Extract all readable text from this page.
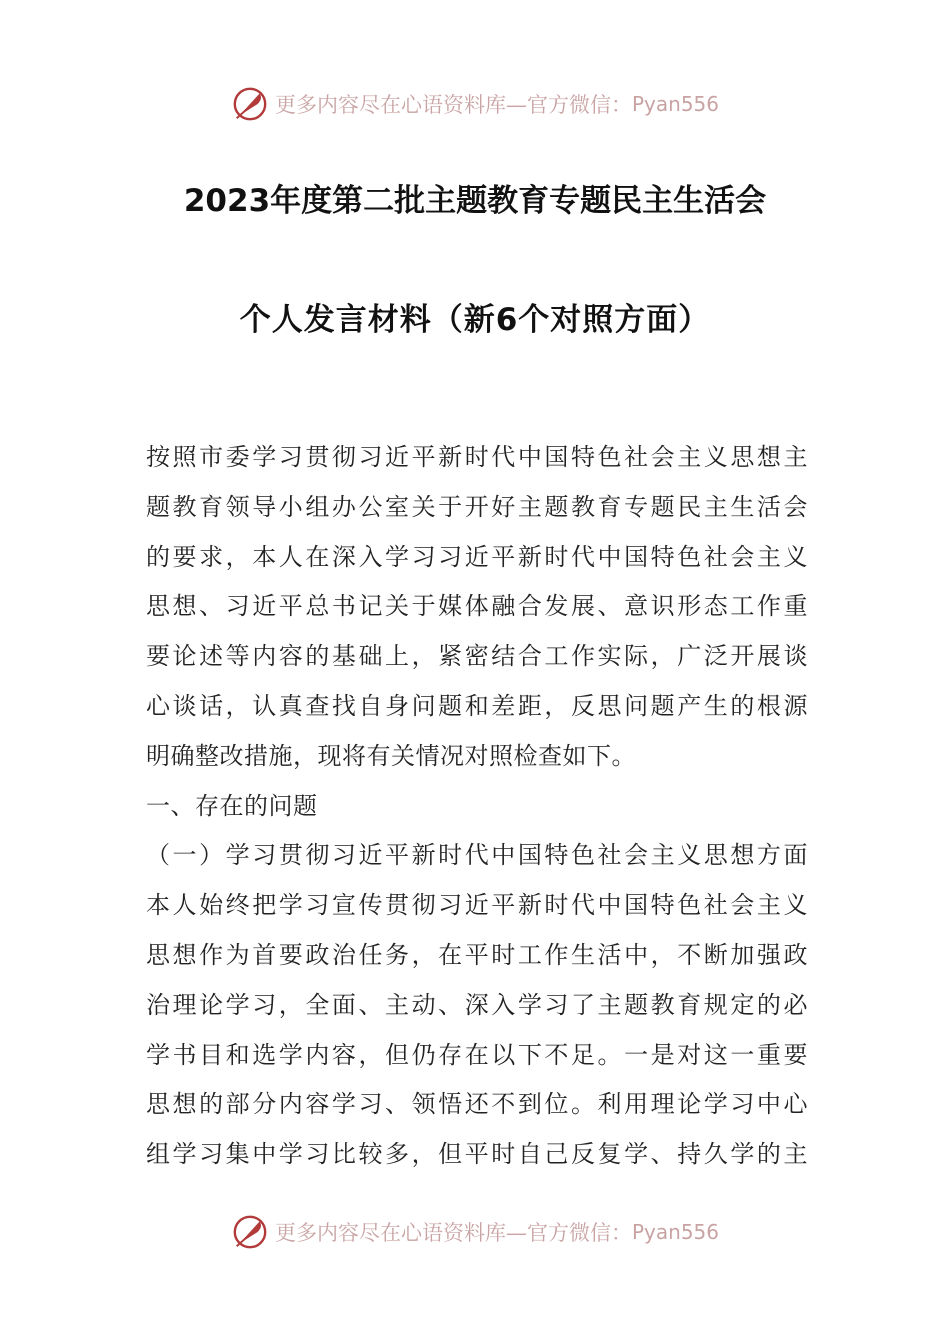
更多内容尽在心语资料库—官方微信： Pyan556
2023年度第二批主题教育专题民主生活会
个人发言材料（新6个对照方面）
按照市委学习贯彻习近平新时代中国特色社会主义思想主
题教育领导小组办公室关于开好主题教育专题民主生活会
的要求，本人在深入学习习近平新时代中国特色社会主义
思想、习近平总书记关于媒体融合发展、意识形态工作重
要论述等内容的基础上，紧密结合工作实际，广泛开展谈
心谈话，认真查找自身问题和差距，反思问题产生的根源
明确整改措施，现将有关情况对照检查如下。
一、存在的问题
（一）学习贯彻习近平新时代中国特色社会主义思想方面
本人始终把学习宣传贯彻习近平新时代中国特色社会主义
思想作为首要政治任务，在平时工作生活中，不断加强政
治理论学习，全面、主动、深入学习了主题教育规定的必
学书目和选学内容，但仍存在以下不足。一是对这一重要
思想的部分内容学习、领悟还不到位。利用理论学习中心
组学习集中学习比较多，但平时自己反复学、持久学的主
更多内容尽在心语资料库—官方微信： Pyan556
